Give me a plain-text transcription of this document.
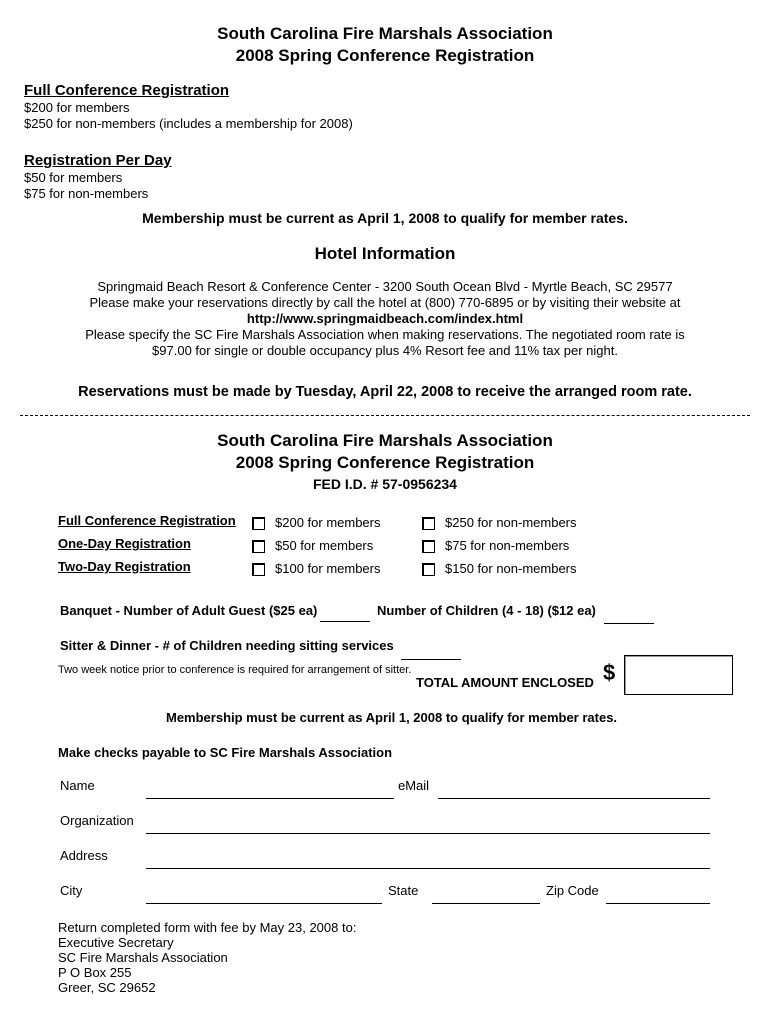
South Carolina Fire Marshals Association
2008 Spring Conference Registration
Full Conference Registration
$200 for members
$250 for non-members (includes a membership for 2008)
Registration Per Day
$50 for members
$75 for non-members
Membership must be current as April 1, 2008 to qualify for member rates.
Hotel Information
Springmaid Beach Resort & Conference Center - 3200 South Ocean Blvd - Myrtle Beach, SC 29577
Please make your reservations directly by call the hotel at (800) 770-6895 or by visiting their website at
http://www.springmaidbeach.com/index.html
Please specify the SC Fire Marshals Association when making reservations. The negotiated room rate is
$97.00 for single or double occupancy plus 4% Resort fee and 11% tax per night.
Reservations must be made by Tuesday, April 22, 2008 to receive the arranged room rate.
South Carolina Fire Marshals Association
2008 Spring Conference Registration
FED I.D. # 57-0956234
Full Conference Registration	$200 for members	$250 for non-members
One-Day Registration	$50 for members	$75 for non-members
Two-Day Registration	$100 for members	$150 for non-members
Banquet - Number of Adult Guest ($25 ea)	Number of Children (4 - 18) ($12 ea)
Sitter & Dinner - # of Children needing sitting services
Two week notice prior to conference is required for arrangement of sitter.
TOTAL AMOUNT ENCLOSED $
Membership must be current as April 1, 2008 to qualify for member rates.
Make checks payable to SC Fire Marshals Association
Name	eMail
Organization
Address
City	State	Zip Code
Return completed form with fee by May 23, 2008 to:
Executive Secretary
SC Fire Marshals Association
P O Box 255
Greer, SC 29652
